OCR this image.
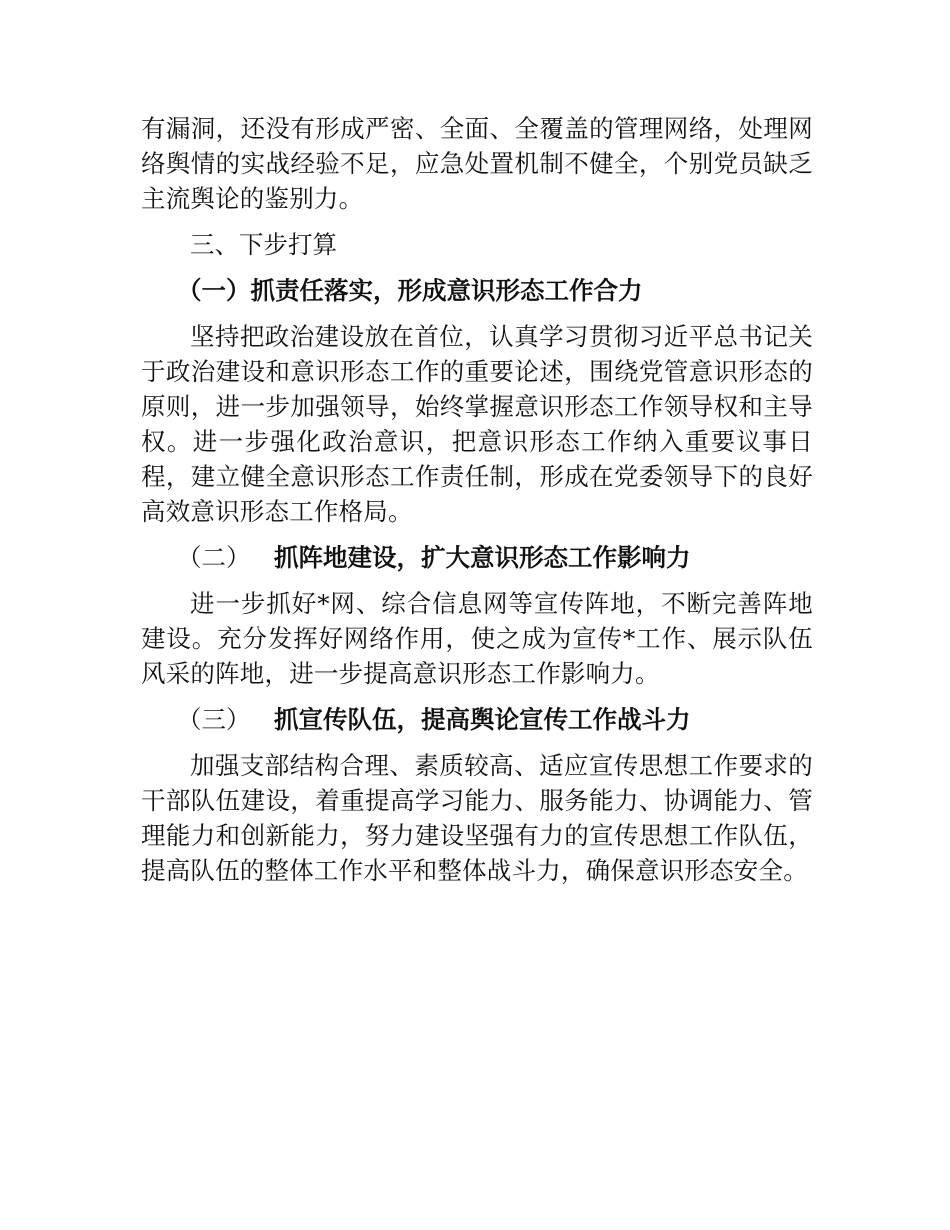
有漏洞，还没有形成严密、全面、全覆盖的管理网络，处理网络舆情的实战经验不足，应急处置机制不健全，个别党员缺乏主流舆论的鉴别力。

三、下步打算

（一）抓责任落实，形成意识形态工作合力

坚持把政治建设放在首位，认真学习贯彻习近平总书记关于政治建设和意识形态工作的重要论述，围绕党管意识形态的原则，进一步加强领导，始终掌握意识形态工作领导权和主导权。进一步强化政治意识，把意识形态工作纳入重要议事日程，建立健全意识形态工作责任制，形成在党委领导下的良好高效意识形态工作格局。

（二） 抓阵地建设，扩大意识形态工作影响力

进一步抓好*网、综合信息网等宣传阵地，不断完善阵地建设。充分发挥好网络作用，使之成为宣传*工作、展示队伍风采的阵地，进一步提高意识形态工作影响力。

（三） 抓宣传队伍，提高舆论宣传工作战斗力

加强支部结构合理、素质较高、适应宣传思想工作要求的干部队伍建设，着重提高学习能力、服务能力、协调能力、管理能力和创新能力，努力建设坚强有力的宣传思想工作队伍，提高队伍的整体工作水平和整体战斗力，确保意识形态安全。
